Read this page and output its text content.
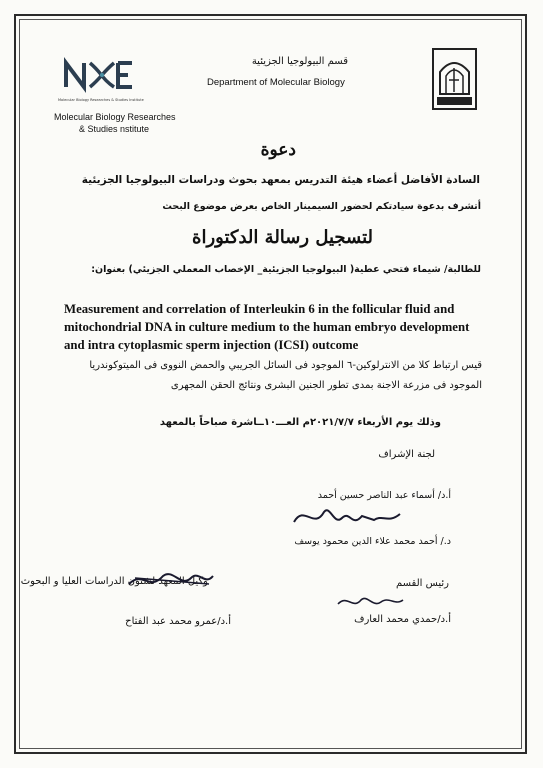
Molecular Biology Researches & Studies Institute
Molecular Biology Researches
& Studies nstitute
قسم البيولوجيا الجزيئية
Department of Molecular Biology
دعوة
السادة الأفاضل أعضاء هيئة التدريس بمعهد بحوث ودراسات البيولوجيا الجزيئية
أتشرف بدعوة سيادتكم لحضور السيمينار الخاص بعرض موضوع البحث
لتسجيل رسالة الدكتوراة
للطالبة/ شيماء فتحي عطية( البيولوجيا الجزيئية_ الإخصاب المعملي الجزيئي) بعنوان:
Measurement and correlation of Interleukin 6 in the follicular fluid and
mitochondrial DNA in culture medium to the human embryo development
and intra cytoplasmic sperm injection (ICSI) outcome
قيس ارتباط كلا من الانترلوكين-٦ الموجود فى السائل الجريبي والحمض النووى فى الميتوكوندريا
الموجود فى مزرعة الاجنة بمدى تطور الجنين البشرى ونتائج الحقن المجهرى
وذلك يوم الأربعاء ٢٠٢١/٧/٧م العـــ١٠ــاشرة صباحاً بالمعهد
لجنة الإشراف
أ.د/ أسماء عبد الناصر حسين أحمد
د./ أحمد محمد علاء الدين محمود يوسف
وكيل المعهد لشئون الدراسات العليا و البحوث
أ.د/عمرو محمد عبد الفتاح
رئيس القسم
أ.د/حمدي محمد العارف
